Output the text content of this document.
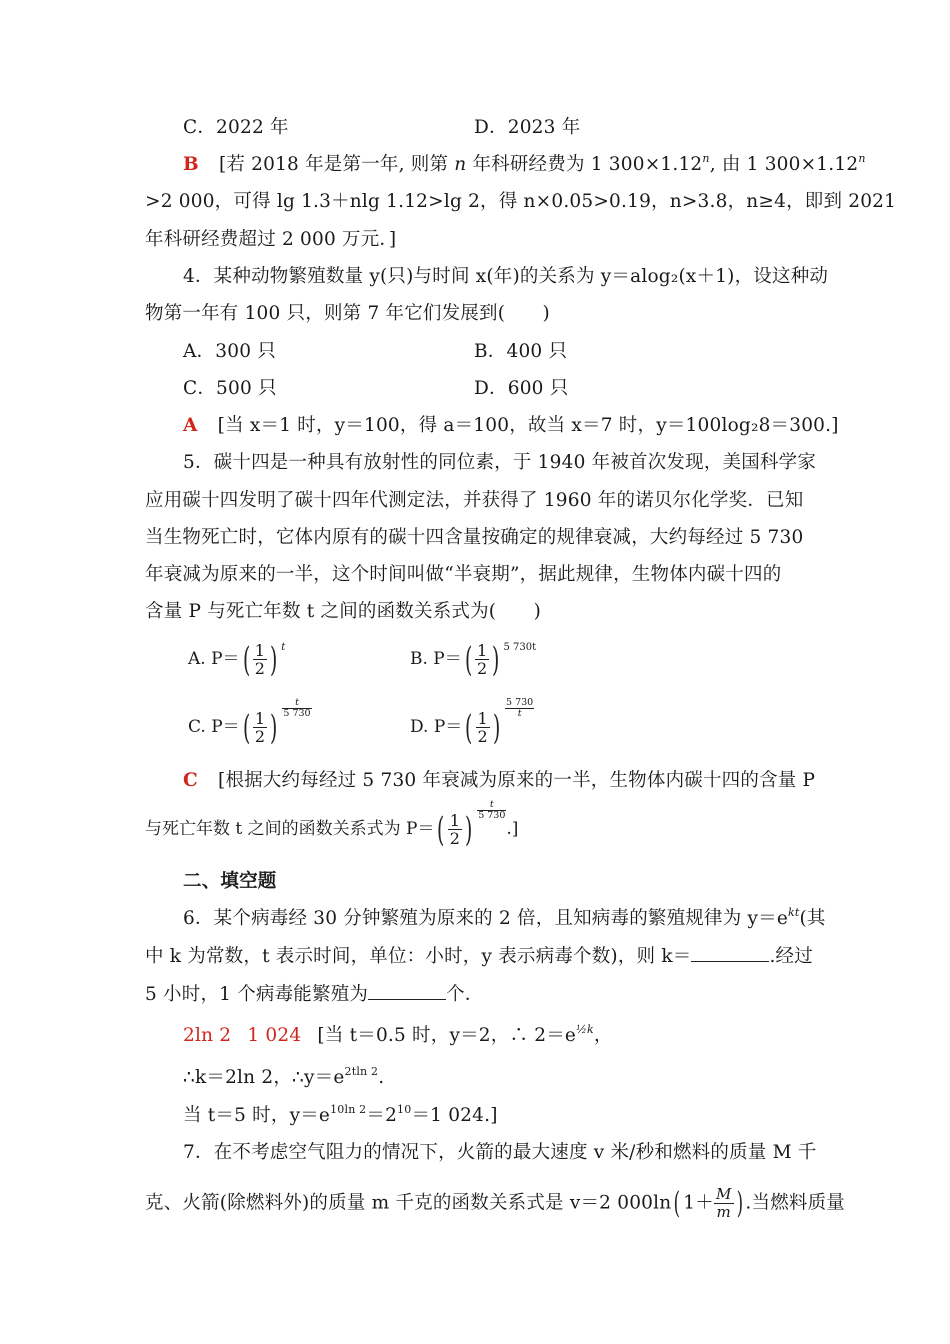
C．2022 年	D．2023 年
B [若 2018 年是第一年, 则第 n 年科研经费为 1 $300\times 1.12^n$, 由 1 $300\times 1.12^n$
>2 000，可得 lg 1.3＋nlg 1.12>lg 2，得 n×0.05>0.19，n>3.8，n≥4，即到 2021
年科研经费超过 2 000 万元．]
4．某种动物繁殖数量 y(只)与时间 x(年)的关系为 y＝alog₂(x＋1)，设这种动
物第一年有 100 只，则第 7 年它们发展到(　　)
A．300 只	B．400 只
C．500 只	D．600 只
A [当 x＝1 时，y＝100，得 a＝100，故当 x＝7 时，y＝100log₂8＝300.]
5．碳十四是一种具有放射性的同位素，于 1940 年被首次发现，美国科学家
应用碳十四发明了碳十四年代测定法，并获得了 1960 年的诺贝尔化学奖．已知
当生物死亡时，它体内原有的碳十四含量按确定的规律衰减，大约每经过 5 730
年衰减为原来的一半，这个时间叫做“半衰期”，据此规律，生物体内碳十四的
含量 P 与死亡年数 t 之间的函数关系式为(　　)
A. $P=( \frac{1}{2}$ ) $^t$
B. $P=( \frac{1}{2}$ ) $^{5 730t}$
C. $P=( \frac{1}{2}$ ) $\frac{t}{5 730}$
D. $P=( \frac{1}{2}$ ) $\frac{5 730}{t}$
C [根据大约每经过 5 730 年衰减为原来的一半，生物体内碳十四的含量 P
与死亡年数 t 之间的函数关系式为 $P=( \frac{1}{2}$ ) $\frac{t}{5 730}$
.]
二、填空题
6．某个病毒经 30 分钟繁殖为原来的 2 倍，且知病毒的繁殖规律为 $y=e^{kt}$(其
中 k 为常数，t 表示时间，单位：小时，y 表示病毒个数)，则 k＝	.经过
5 小时，1 个病毒能繁殖为	个．
2ln 2 1 024 [当 t＝0.5 时，y＝2，∴ $2=e^{\frac{1}{2}k}$，
∴k＝2ln 2，$\therefore y=e^{2tln 2}$.
当 t＝5 时，$y=e^{10ln 2}=2^{10}=1$ 024.]
7．在不考虑空气阻力的情况下，火箭的最大速度 v 米/秒和燃料的质量 M 千
克、火箭(除燃料外)的质量 m 千克的函数关系式是 v＝2 000ln( $1+ \frac{M}{m}$ ) .当燃料质量
